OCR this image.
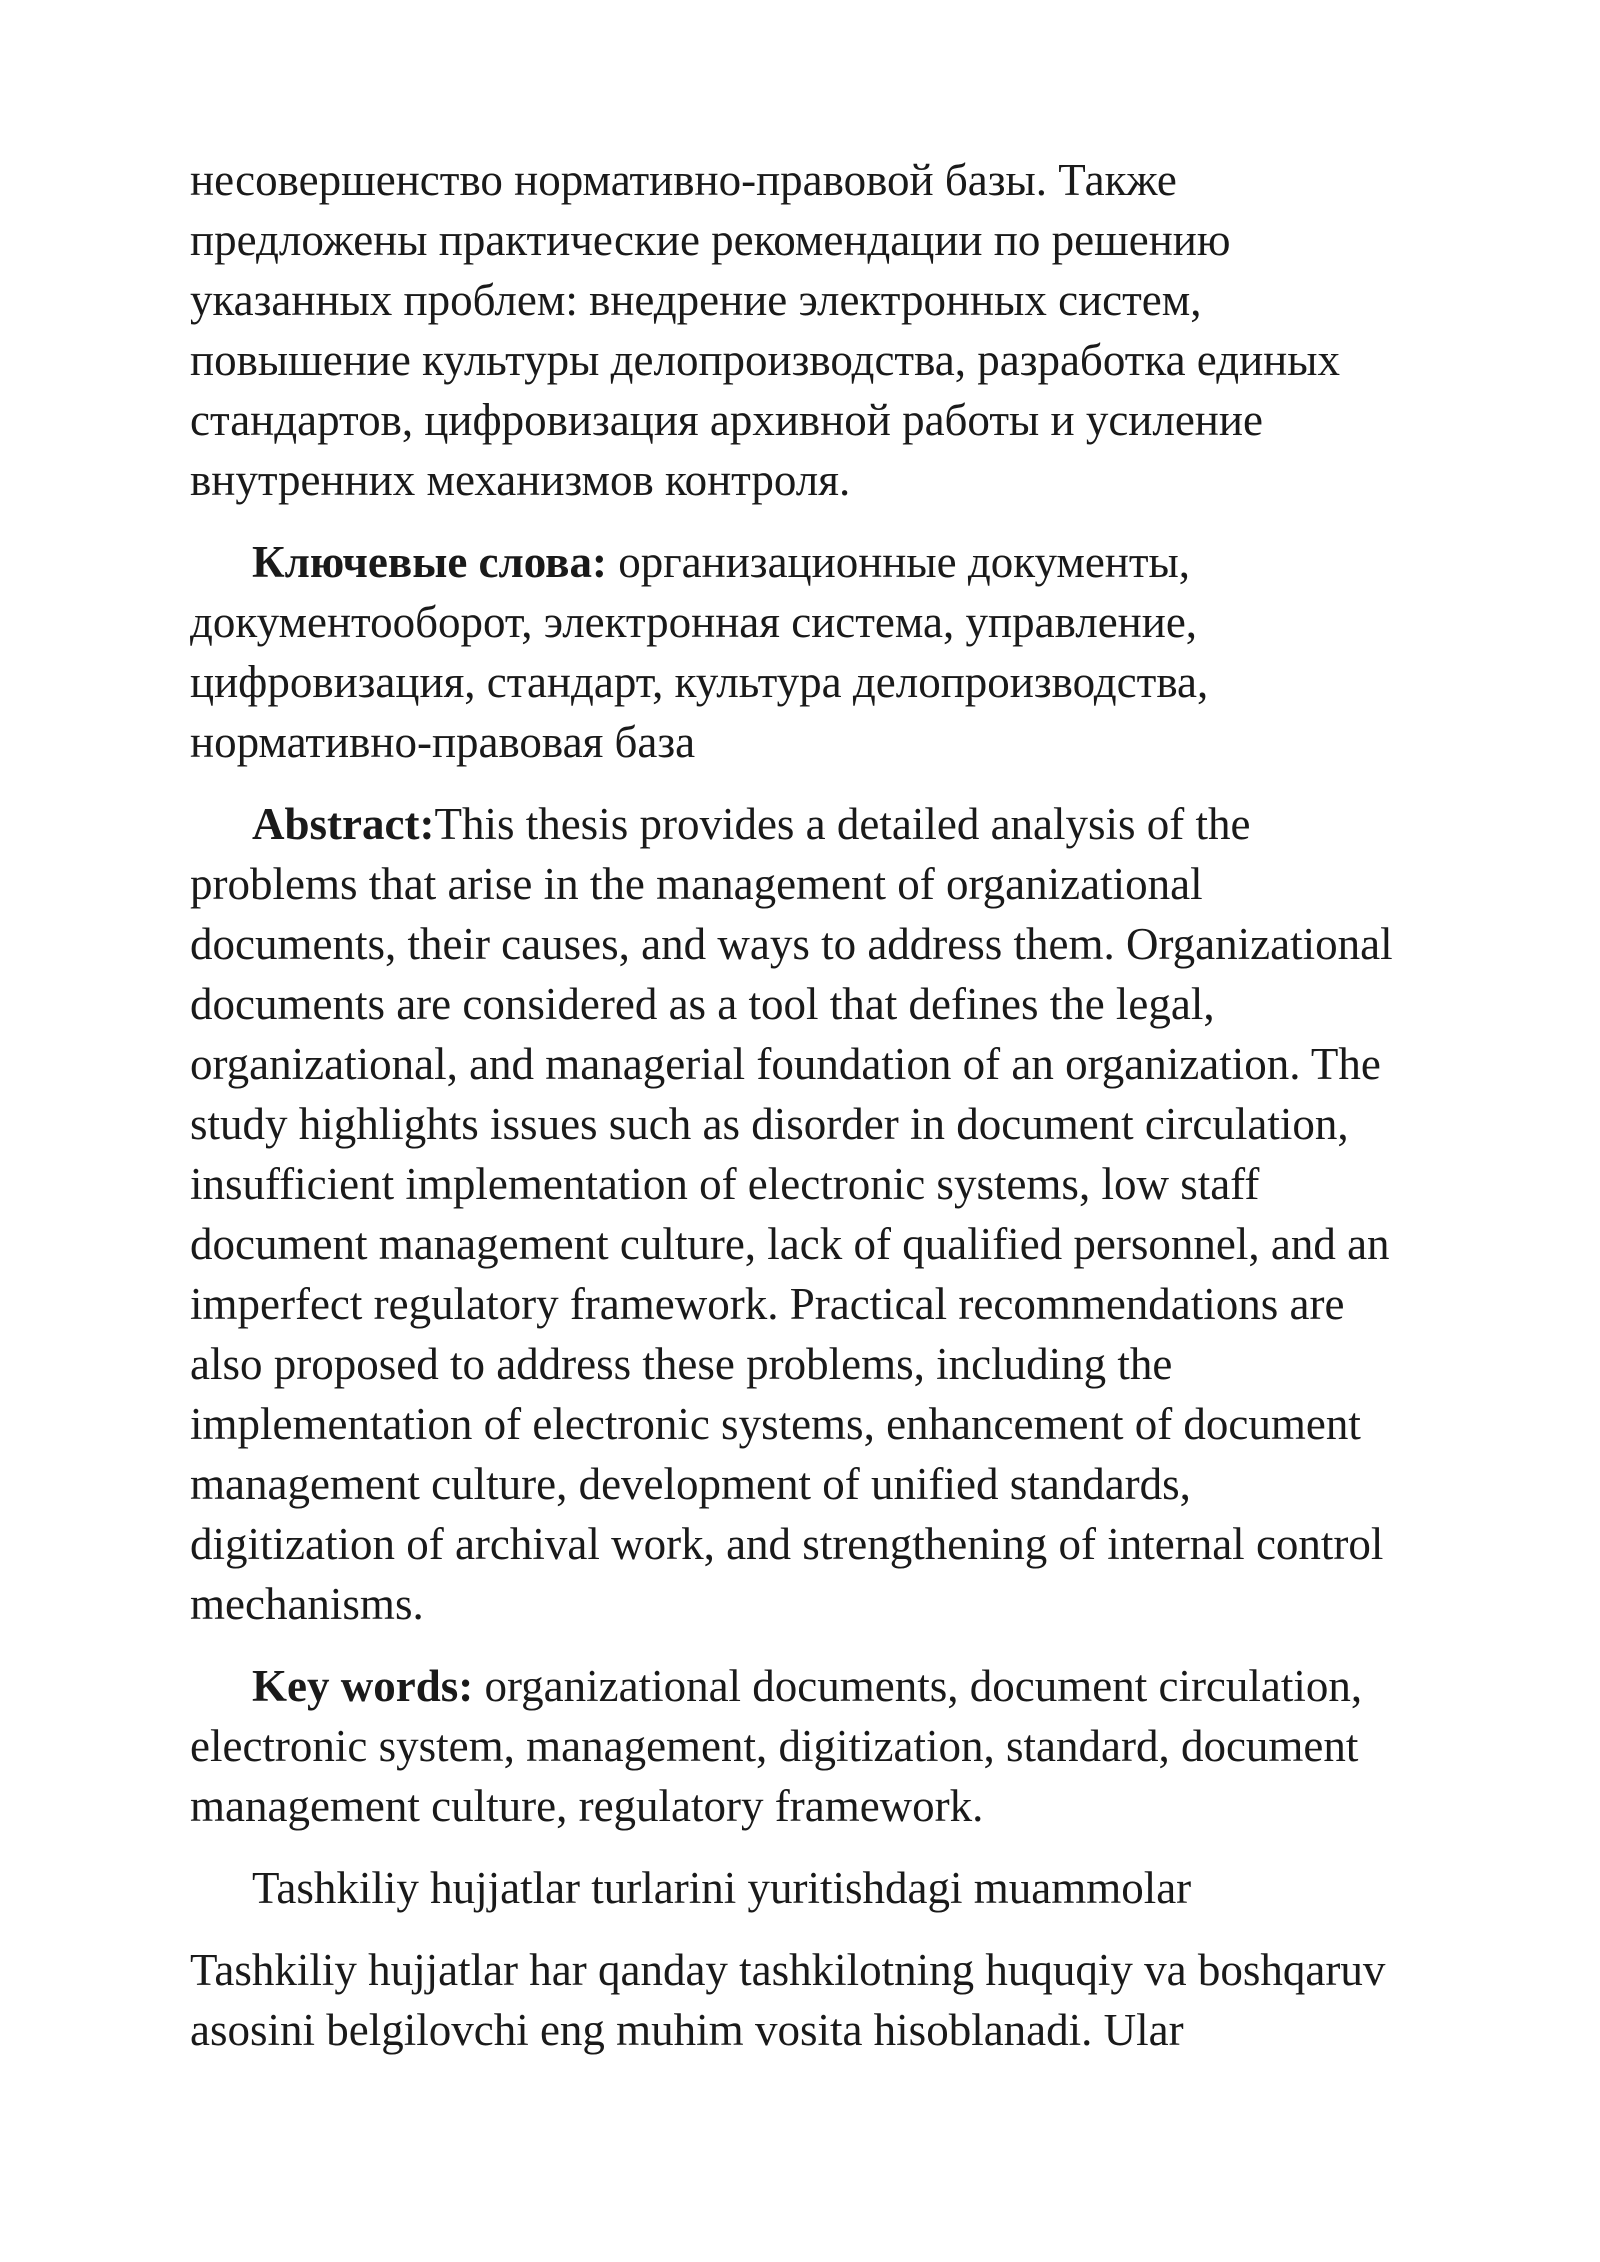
несовершенство нормативно-правовой базы. Также
предложены практические рекомендации по решению
указанных проблем: внедрение электронных систем,
повышение культуры делопроизводства, разработка единых
стандартов, цифровизация архивной работы и усиление
внутренних механизмов контроля.
Ключевые слова: организационные документы,
документооборот, электронная система, управление,
цифровизация, стандарт, культура делопроизводства,
нормативно-правовая база
Abstract:This thesis provides a detailed analysis of the
problems that arise in the management of organizational
documents, their causes, and ways to address them. Organizational
documents are considered as a tool that defines the legal,
organizational, and managerial foundation of an organization. The
study highlights issues such as disorder in document circulation,
insufficient implementation of electronic systems, low staff
document management culture, lack of qualified personnel, and an
imperfect regulatory framework. Practical recommendations are
also proposed to address these problems, including the
implementation of electronic systems, enhancement of document
management culture, development of unified standards,
digitization of archival work, and strengthening of internal control
mechanisms.
Key words: organizational documents, document circulation,
electronic system, management, digitization, standard, document
management culture, regulatory framework.
Tashkiliy hujjatlar turlarini yuritishdagi muammolar
Tashkiliy hujjatlar har qanday tashkilotning huquqiy va boshqaruv
asosini belgilovchi eng muhim vosita hisoblanadi. Ular
